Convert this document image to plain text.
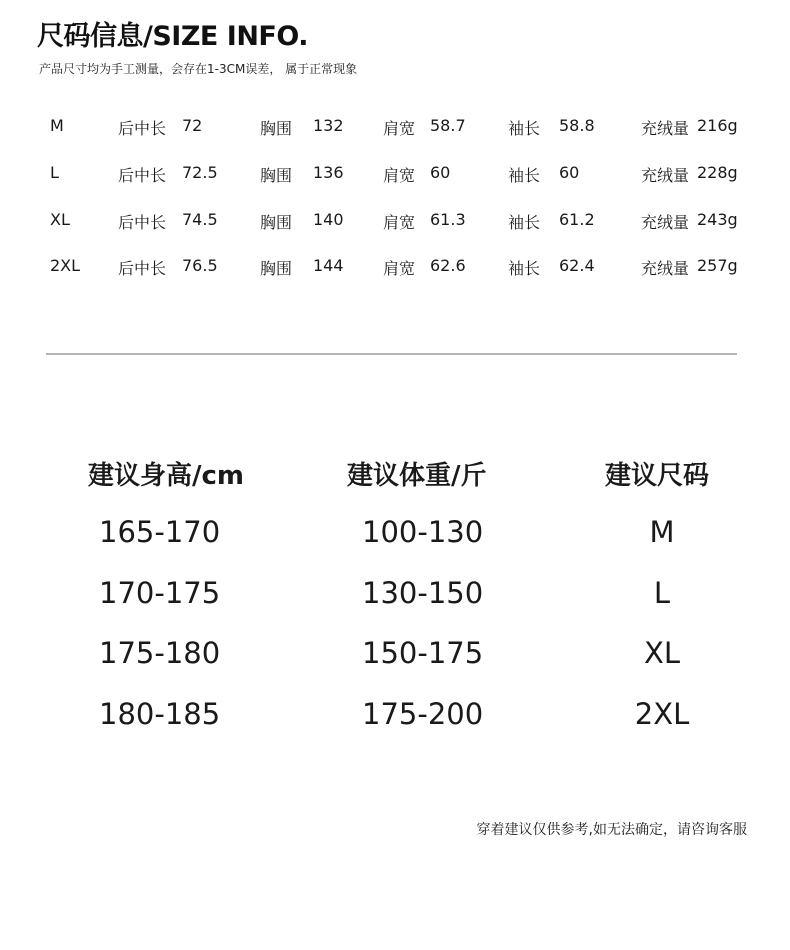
尺码信息/SIZE INFO.
产品尺寸均为手工测量，会存在1-3CM误差， 属于正常现象
M	后中长 72	胸围 132 肩宽 58.7	袖长 58.8	充绒量 216g
L	后中长 72.5	胸围 136 肩宽 60	袖长 60	充绒量 228g
XL	后中长 74.5	胸围 140 肩宽 61.3	袖长 61.2	充绒量 243g
2XL 后中长 76.5	胸围 144 肩宽 62.6	袖长 62.4	充绒量 257g
建议身高/cm	建议体重/斤	建议尺码
165-170	100-130	M
170-175	130-150	L
175-180	150-175	XL
180-185	175-200	2XL
穿着建议仅供参考,如无法确定，请咨询客服
